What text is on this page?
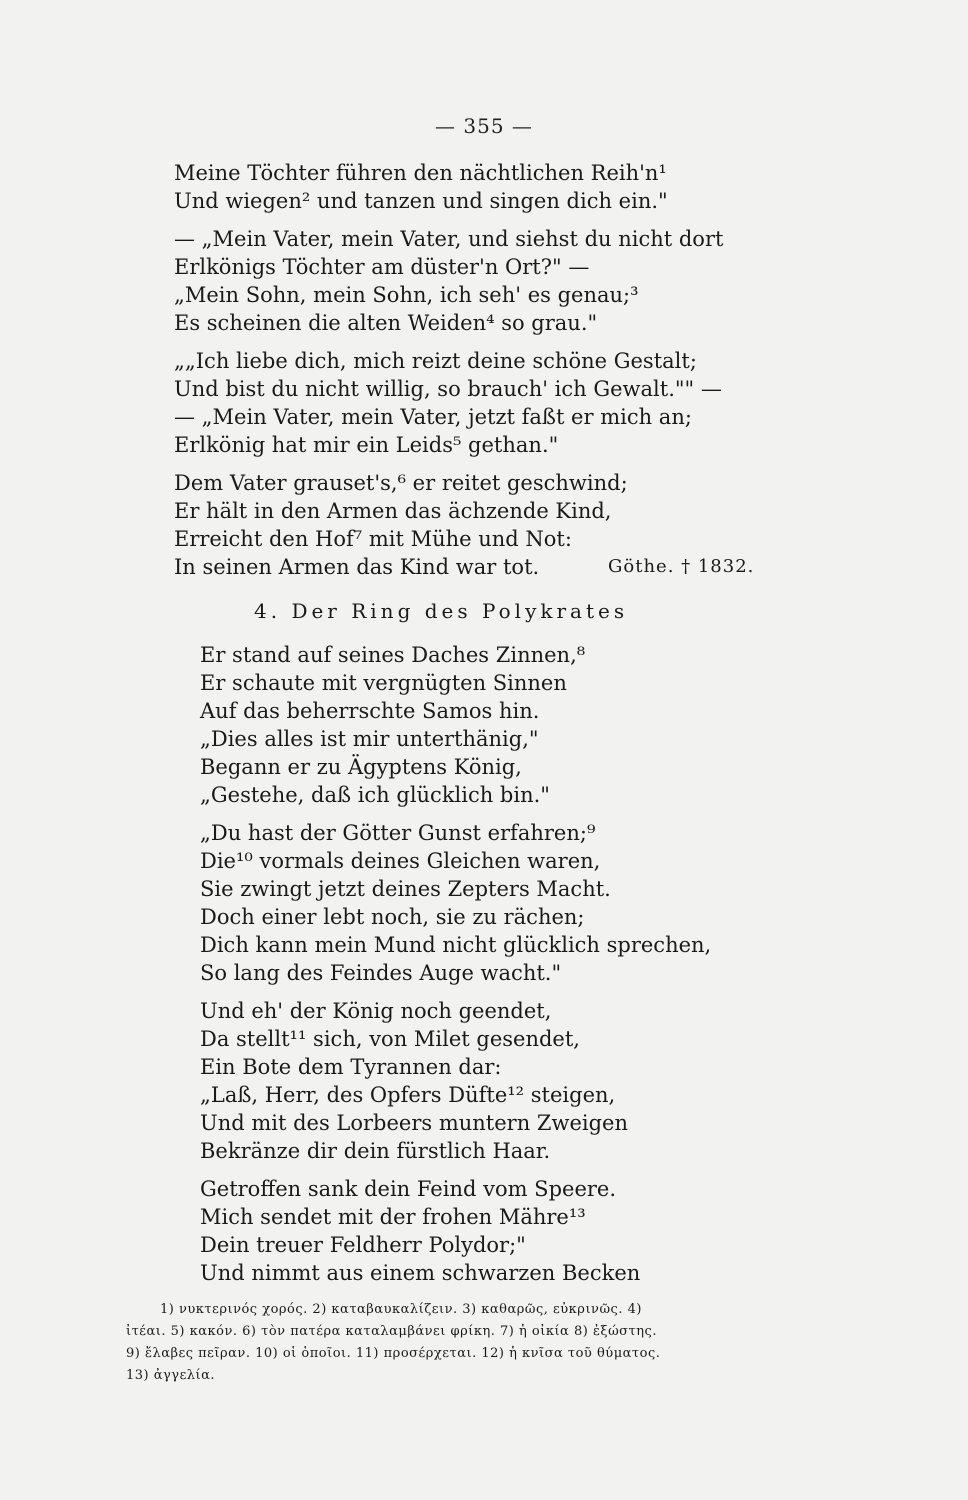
— 355 —
Meine Töchter führen den nächtlichen Reih'n¹
Und wiegen² und tanzen und singen dich ein."
— „Mein Vater, mein Vater, und siehst du nicht dort
Erlkönigs Töchter am düster'n Ort?" —
„Mein Sohn, mein Sohn, ich seh' es genau;³
Es scheinen die alten Weiden⁴ so grau."
„„Ich liebe dich, mich reizt deine schöne Gestalt;
Und bist du nicht willig, so brauch' ich Gewalt."" —
— „Mein Vater, mein Vater, jetzt faßt er mich an;
Erlkönig hat mir ein Leids⁵ gethan."
Dem Vater grauset's,⁶ er reitet geschwind;
Er hält in den Armen das ächzende Kind,
Erreicht den Hof⁷ mit Mühe und Not:
In seinen Armen das Kind war tot.	Göthe. † 1832.
4. Der Ring des Polykrates
Er stand auf seines Daches Zinnen,⁸
Er schaute mit vergnügten Sinnen
Auf das beherrschte Samos hin.
„Dies alles ist mir unterthänig,"
Begann er zu Ägyptens König,
„Gestehe, daß ich glücklich bin."
„Du hast der Götter Gunst erfahren;⁹
Die¹⁰ vormals deines Gleichen waren,
Sie zwingt jetzt deines Zepters Macht.
Doch einer lebt noch, sie zu rächen;
Dich kann mein Mund nicht glücklich sprechen,
So lang des Feindes Auge wacht."
Und eh' der König noch geendet,
Da stellt¹¹ sich, von Milet gesendet,
Ein Bote dem Tyrannen dar:
„Laß, Herr, des Opfers Düfte¹² steigen,
Und mit des Lorbeers muntern Zweigen
Bekränze dir dein fürstlich Haar.
Getroffen sank dein Feind vom Speere.
Mich sendet mit der frohen Mähre¹³
Dein treuer Feldherr Polydor;"
Und nimmt aus einem schwarzen Becken
1) νυκτερινός χορός. 2) καταβαυκαλίζειν. 3) καθαρῶς, εὐκρινῶς. 4)
ἰτέαι. 5) κακόν. 6) τὸν πατέρα καταλαμβάνει φρίκη. 7) ἡ οἰκία 8) ἐξώστης.
9) ἔλαβες πεῖραν. 10) οἱ ὁποῖοι. 11) προσέρχεται. 12) ἡ κνῖσα τοῦ θύματος.
13) ἀγγελία.
